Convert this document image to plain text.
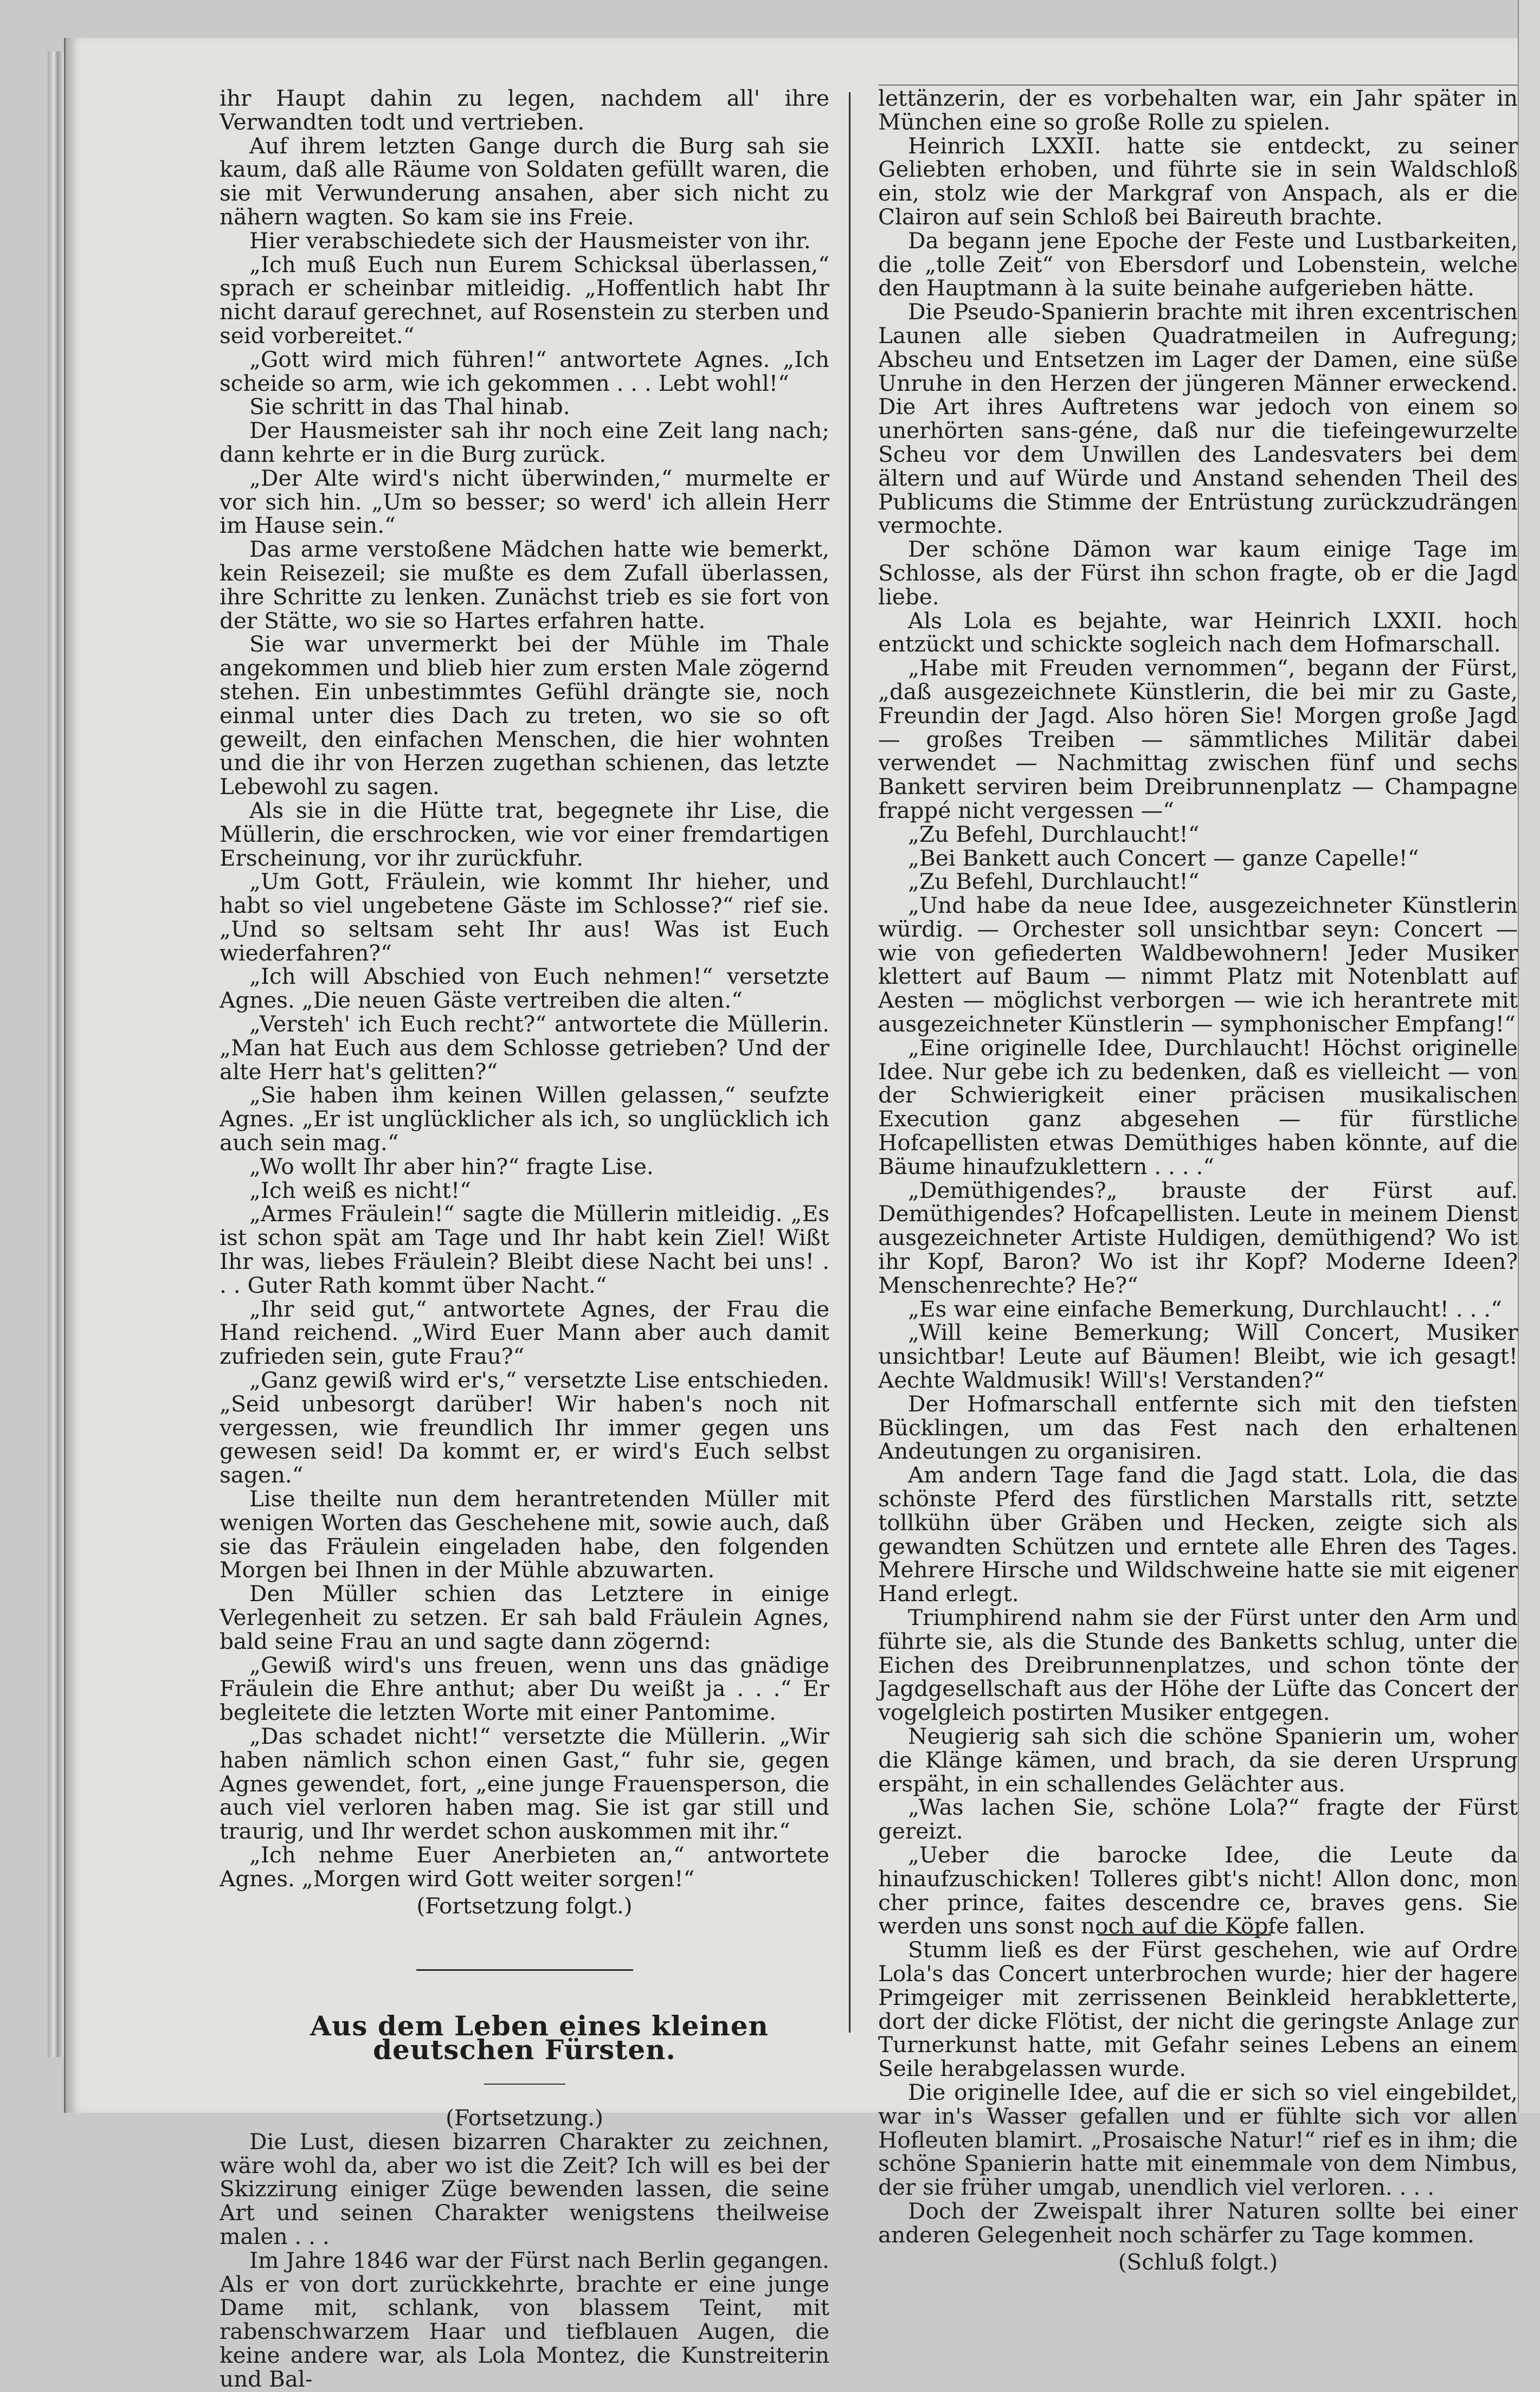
ihr Haupt dahin zu legen, nachdem all' ihre Verwandten todt und vertrieben.

Auf ihrem letzten Gange durch die Burg sah sie kaum, daß alle Räume von Soldaten gefüllt waren, die sie mit Verwunderung ansahen, aber sich nicht zu nähern wagten. So kam sie ins Freie.

Hier verabschiedete sich der Hausmeister von ihr.

„Ich muß Euch nun Eurem Schicksal überlassen,“ sprach er scheinbar mitleidig. „Hoffentlich habt Ihr nicht darauf gerechnet, auf Rosenstein zu sterben und seid vorbereitet.“

„Gott wird mich führen!“ antwortete Agnes. „Ich scheide so arm, wie ich gekommen . . . Lebt wohl!“

Sie schritt in das Thal hinab.

Der Hausmeister sah ihr noch eine Zeit lang nach; dann kehrte er in die Burg zurück.

„Der Alte wird's nicht überwinden,“ murmelte er vor sich hin. „Um so besser; so werd' ich allein Herr im Hause sein.“

Das arme verstoßene Mädchen hatte wie bemerkt, kein Reisezeil; sie mußte es dem Zufall überlassen, ihre Schritte zu lenken. Zunächst trieb es sie fort von der Stätte, wo sie so Hartes erfahren hatte.

Sie war unvermerkt bei der Mühle im Thale angekommen und blieb hier zum ersten Male zögernd stehen. Ein unbestimmtes Gefühl drängte sie, noch einmal unter dies Dach zu treten, wo sie so oft geweilt, den einfachen Menschen, die hier wohnten und die ihr von Herzen zugethan schienen, das letzte Lebewohl zu sagen.

Als sie in die Hütte trat, begegnete ihr Lise, die Müllerin, die erschrocken, wie vor einer fremdartigen Erscheinung, vor ihr zurückfuhr.

„Um Gott, Fräulein, wie kommt Ihr hieher, und habt so viel ungebetene Gäste im Schlosse?“ rief sie. „Und so seltsam seht Ihr aus! Was ist Euch wiederfahren?“

„Ich will Abschied von Euch nehmen!“ versetzte Agnes. „Die neuen Gäste vertreiben die alten.“

„Versteh' ich Euch recht?“ antwortete die Müllerin. „Man hat Euch aus dem Schlosse getrieben? Und der alte Herr hat's gelitten?“

„Sie haben ihm keinen Willen gelassen,“ seufzte Agnes. „Er ist unglücklicher als ich, so unglücklich ich auch sein mag.“

„Wo wollt Ihr aber hin?“ fragte Lise.

„Ich weiß es nicht!“

„Armes Fräulein!“ sagte die Müllerin mitleidig. „Es ist schon spät am Tage und Ihr habt kein Ziel! Wißt Ihr was, liebes Fräulein? Bleibt diese Nacht bei uns! . . . Guter Rath kommt über Nacht.“

„Ihr seid gut,“ antwortete Agnes, der Frau die Hand reichend. „Wird Euer Mann aber auch damit zufrieden sein, gute Frau?“

„Ganz gewiß wird er's,“ versetzte Lise entschieden. „Seid unbesorgt darüber! Wir haben's noch nit vergessen, wie freundlich Ihr immer gegen uns gewesen seid! Da kommt er, er wird's Euch selbst sagen.“

Lise theilte nun dem herantretenden Müller mit wenigen Worten das Geschehene mit, sowie auch, daß sie das Fräulein eingeladen habe, den folgenden Morgen bei Ihnen in der Mühle abzuwarten.

Den Müller schien das Letztere in einige Verlegenheit zu setzen. Er sah bald Fräulein Agnes, bald seine Frau an und sagte dann zögernd:

„Gewiß wird's uns freuen, wenn uns das gnädige Fräulein die Ehre anthut; aber Du weißt ja . . .“ Er begleitete die letzten Worte mit einer Pantomime.

„Das schadet nicht!“ versetzte die Müllerin. „Wir haben nämlich schon einen Gast,“ fuhr sie, gegen Agnes gewendet, fort, „eine junge Frauensperson, die auch viel verloren haben mag. Sie ist gar still und traurig, und Ihr werdet schon auskommen mit ihr.“

„Ich nehme Euer Anerbieten an,“ antwortete Agnes. „Morgen wird Gott weiter sorgen!“

(Fortsetzung folgt.)

Aus dem Leben eines kleinen deutschen Fürsten.

(Fortsetzung.)

Die Lust, diesen bizarren Charakter zu zeichnen, wäre wohl da, aber wo ist die Zeit? Ich will es bei der Skizzirung einiger Züge bewenden lassen, die seine Art und seinen Charakter wenigstens theilweise malen . . .

Im Jahre 1846 war der Fürst nach Berlin gegangen. Als er von dort zurückkehrte, brachte er eine junge Dame mit, schlank, von blassem Teint, mit rabenschwarzem Haar und tiefblauen Augen, die keine andere war, als Lola Montez, die Kunstreiterin und Bal-

lettänzerin, der es vorbehalten war, ein Jahr später in München eine so große Rolle zu spielen.

Heinrich LXXII. hatte sie entdeckt, zu seiner Geliebten erhoben, und führte sie in sein Waldschloß ein, stolz wie der Markgraf von Anspach, als er die Clairon auf sein Schloß bei Baireuth brachte.

Da begann jene Epoche der Feste und Lustbarkeiten, die „tolle Zeit“ von Ebersdorf und Lobenstein, welche den Hauptmann à la suite beinahe aufgerieben hätte.

Die Pseudo-Spanierin brachte mit ihren excentrischen Launen alle sieben Quadratmeilen in Aufregung; Abscheu und Entsetzen im Lager der Damen, eine süße Unruhe in den Herzen der jüngeren Männer erweckend. Die Art ihres Auftretens war jedoch von einem so unerhörten sans-géne, daß nur die tiefeingewurzelte Scheu vor dem Unwillen des Landesvaters bei dem ältern und auf Würde und Anstand sehenden Theil des Publicums die Stimme der Entrüstung zurückzudrängen vermochte.

Der schöne Dämon war kaum einige Tage im Schlosse, als der Fürst ihn schon fragte, ob er die Jagd liebe.

Als Lola es bejahte, war Heinrich LXXII. hoch entzückt und schickte sogleich nach dem Hofmarschall.

„Habe mit Freuden vernommen“, begann der Fürst, „daß ausgezeichnete Künstlerin, die bei mir zu Gaste, Freundin der Jagd. Also hören Sie! Morgen große Jagd — großes Treiben — sämmtliches Militär dabei verwendet — Nachmittag zwischen fünf und sechs Bankett serviren beim Dreibrunnenplatz — Champagne frappé nicht vergessen —“

„Zu Befehl, Durchlaucht!“

„Bei Bankett auch Concert — ganze Capelle!“

„Zu Befehl, Durchlaucht!“

„Und habe da neue Idee, ausgezeichneter Künstlerin würdig. — Orchester soll unsichtbar seyn: Concert — wie von gefiederten Waldbewohnern! Jeder Musiker klettert auf Baum — nimmt Platz mit Notenblatt auf Aesten — möglichst verborgen — wie ich herantrete mit ausgezeichneter Künstlerin — symphonischer Empfang!“

„Eine originelle Idee, Durchlaucht! Höchst originelle Idee. Nur gebe ich zu bedenken, daß es vielleicht — von der Schwierigkeit einer präcisen musikalischen Execution ganz abgesehen — für fürstliche Hofcapellisten etwas Demüthiges haben könnte, auf die Bäume hinaufzuklettern . . . .“

„Demüthigendes?„ brauste der Fürst auf. Demüthigendes? Hofcapellisten. Leute in meinem Dienst ausgezeichneter Artiste Huldigen, demüthigend? Wo ist ihr Kopf, Baron? Wo ist ihr Kopf? Moderne Ideen? Menschenrechte? He?“

„Es war eine einfache Bemerkung, Durchlaucht! . . .“

„Will keine Bemerkung; Will Concert, Musiker unsichtbar! Leute auf Bäumen! Bleibt, wie ich gesagt! Aechte Waldmusik! Will's! Verstanden?“

Der Hofmarschall entfernte sich mit den tiefsten Bücklingen, um das Fest nach den erhaltenen Andeutungen zu organisiren.

Am andern Tage fand die Jagd statt. Lola, die das schönste Pferd des fürstlichen Marstalls ritt, setzte tollkühn über Gräben und Hecken, zeigte sich als gewandten Schützen und erntete alle Ehren des Tages. Mehrere Hirsche und Wildschweine hatte sie mit eigener Hand erlegt.

Triumphirend nahm sie der Fürst unter den Arm und führte sie, als die Stunde des Banketts schlug, unter die Eichen des Dreibrunnenplatzes, und schon tönte der Jagdgesellschaft aus der Höhe der Lüfte das Concert der vogelgleich postirten Musiker entgegen.

Neugierig sah sich die schöne Spanierin um, woher die Klänge kämen, und brach, da sie deren Ursprung erspäht, in ein schallendes Gelächter aus.

„Was lachen Sie, schöne Lola?“ fragte der Fürst gereizt.

„Ueber die barocke Idee, die Leute da hinaufzuschicken! Tolleres gibt's nicht! Allon donc, mon cher prince, faites descendre ce, braves gens. Sie werden uns sonst noch auf die Köpfe fallen.

Stumm ließ es der Fürst geschehen, wie auf Ordre Lola's das Concert unterbrochen wurde; hier der hagere Primgeiger mit zerrissenen Beinkleid herabkletterte, dort der dicke Flötist, der nicht die geringste Anlage zur Turnerkunst hatte, mit Gefahr seines Lebens an einem Seile herabgelassen wurde.

Die originelle Idee, auf die er sich so viel eingebildet, war in's Wasser gefallen und er fühlte sich vor allen Hofleuten blamirt. „Prosaische Natur!“ rief es in ihm; die schöne Spanierin hatte mit einemmale von dem Nimbus, der sie früher umgab, unendlich viel verloren. . . .

Doch der Zweispalt ihrer Naturen sollte bei einer anderen Gelegenheit noch schärfer zu Tage kommen.

(Schluß folgt.)
